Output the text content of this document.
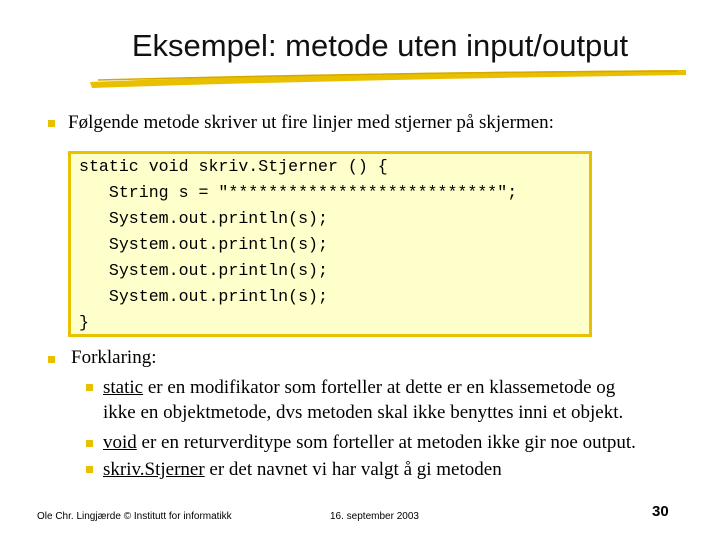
Eksempel: metode uten input/output
Følgende metode skriver ut fire linjer med stjerner på skjermen:
static void skriv.Stjerner () {
String s = "***************************";
System.out.println(s);
System.out.println(s);
System.out.println(s);
System.out.println(s);
}
Forklaring:
static er en modifikator som forteller at dette er en klassemetode og
ikke en objektmetode, dvs metoden skal ikke benyttes inni et objekt.
void er en returverditype som forteller at metoden ikke gir noe output.
skriv.Stjerner er det navnet vi har valgt å gi metoden
Ole Chr. Lingjærde © Institutt for informatikk	16. september 2003	30
